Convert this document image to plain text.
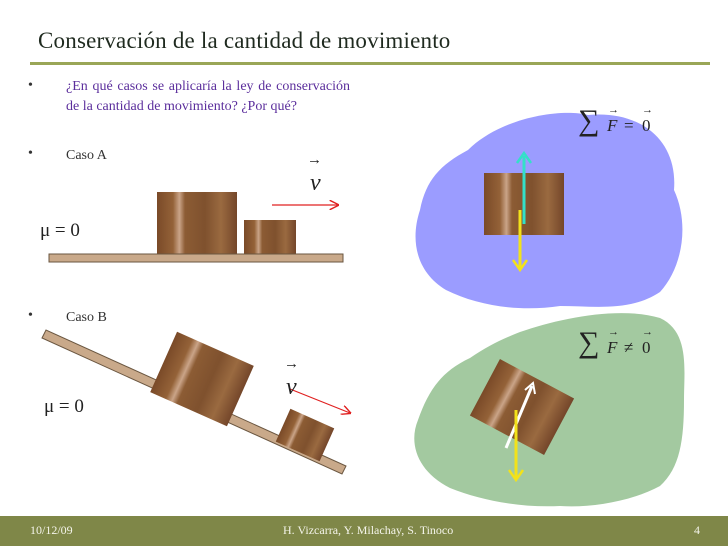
Conservación de la cantidad de movimiento
• ¿En qué casos se aplicaría la ley de conservación de la cantidad de movimiento? ¿Por qué?
• Caso A
• Caso B
→
v
μ = 0
→
v
μ = 0
∑ →
F =
→
0
∑ →
F ≠
→
0
10/12/09	H. Vizcarra, Y. Milachay, S. Tinoco	4
